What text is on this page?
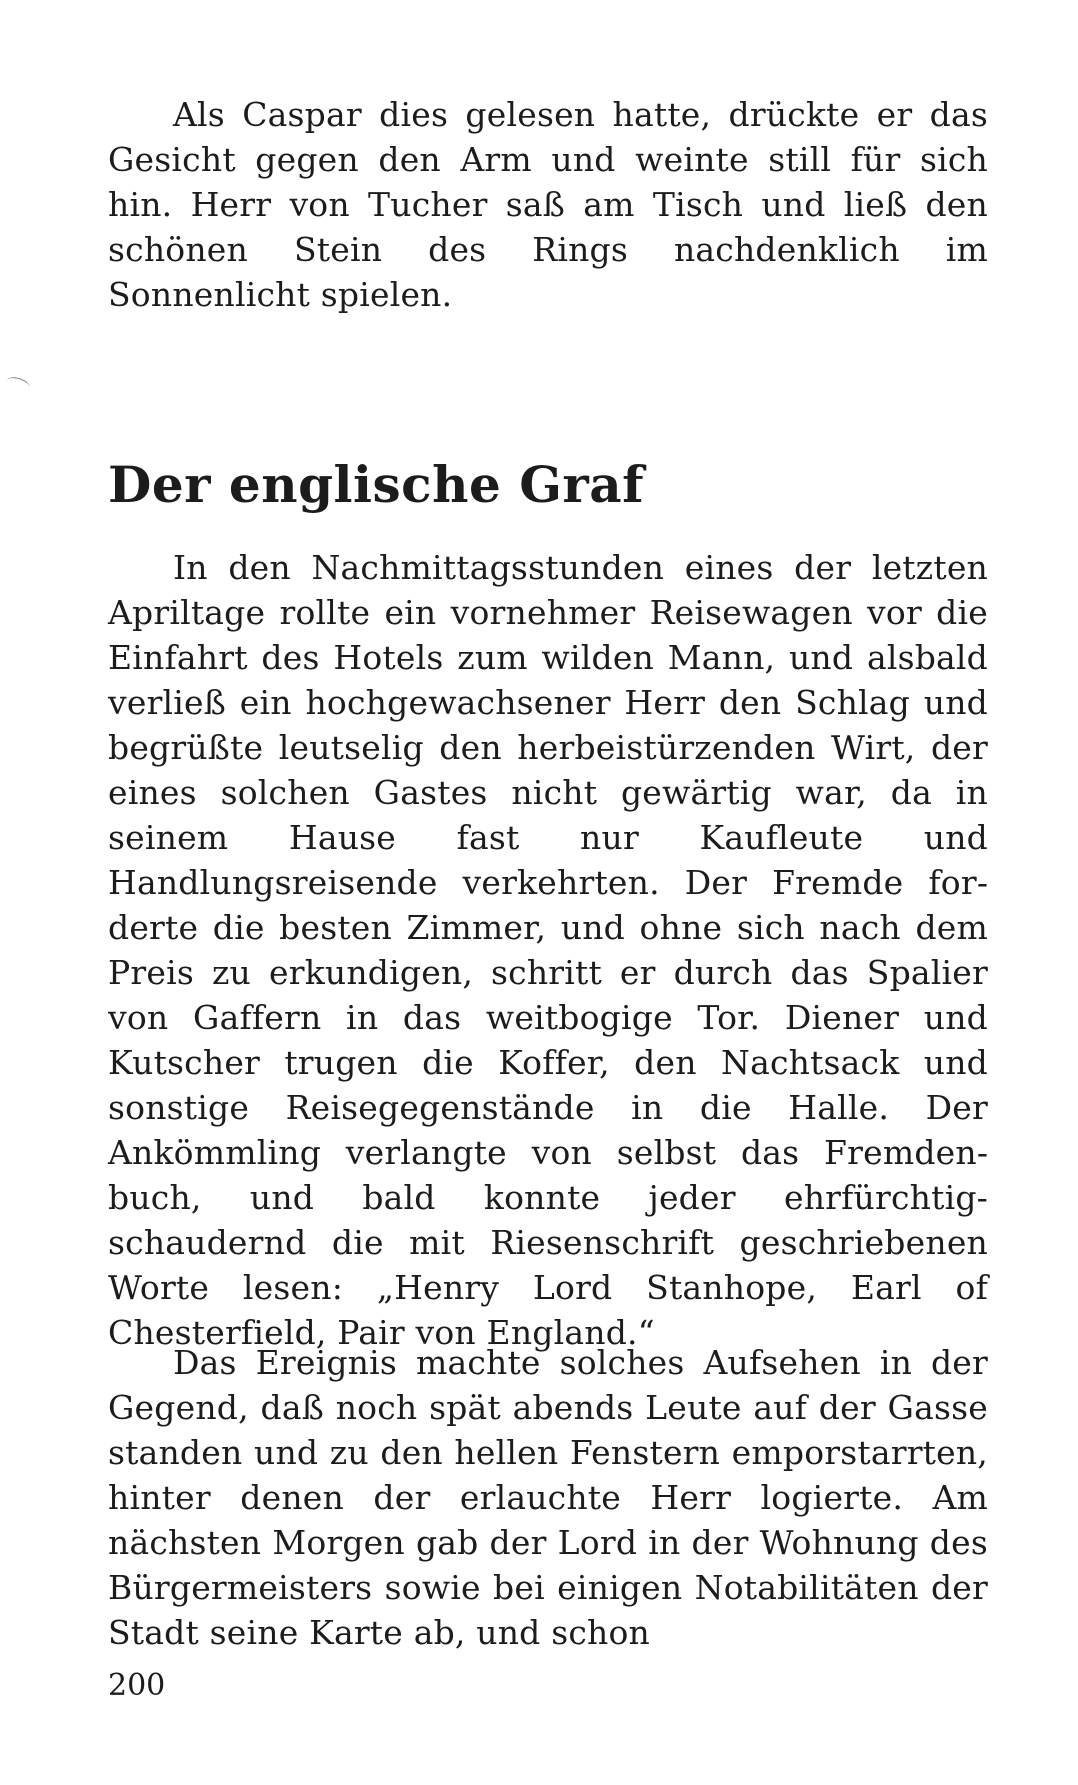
Als Caspar dies gelesen hatte, drückte er das Gesicht gegen den Arm und weinte still für sich hin. Herr von Tucher saß am Tisch und ließ den schönen Stein des Rings nachdenklich im Sonnenlicht spielen.

Der englische Graf

In den Nachmittagsstunden eines der letzten Apriltage rollte ein vornehmer Reisewagen vor die Einfahrt des Hotels zum wilden Mann, und alsbald verließ ein hochgewachsener Herr den Schlag und begrüßte leutselig den herbeistürzenden Wirt, der eines solchen Gastes nicht gewärtig war, da in seinem Hause fast nur Kaufleute und Handlungsreisende verkehrten. Der Fremde forderte die besten Zimmer, und ohne sich nach dem Preis zu erkundigen, schritt er durch das Spalier von Gaffern in das weitbogige Tor. Diener und Kutscher trugen die Koffer, den Nachtsack und sonstige Reisegegenstände in die Halle. Der Ankömmling verlangte von selbst das Fremdenbuch, und bald konnte jeder ehrfürchtig-schaudernd die mit Riesenschrift geschriebenen Worte lesen: „Henry Lord Stanhope, Earl of Chesterfield, Pair von England.“

Das Ereignis machte solches Aufsehen in der Gegend, daß noch spät abends Leute auf der Gasse standen und zu den hellen Fenstern emporstarrten, hinter denen der erlauchte Herr logierte. Am nächsten Morgen gab der Lord in der Wohnung des Bürgermeisters sowie bei einigen Notabilitäten der Stadt seine Karte ab, und schon

200
